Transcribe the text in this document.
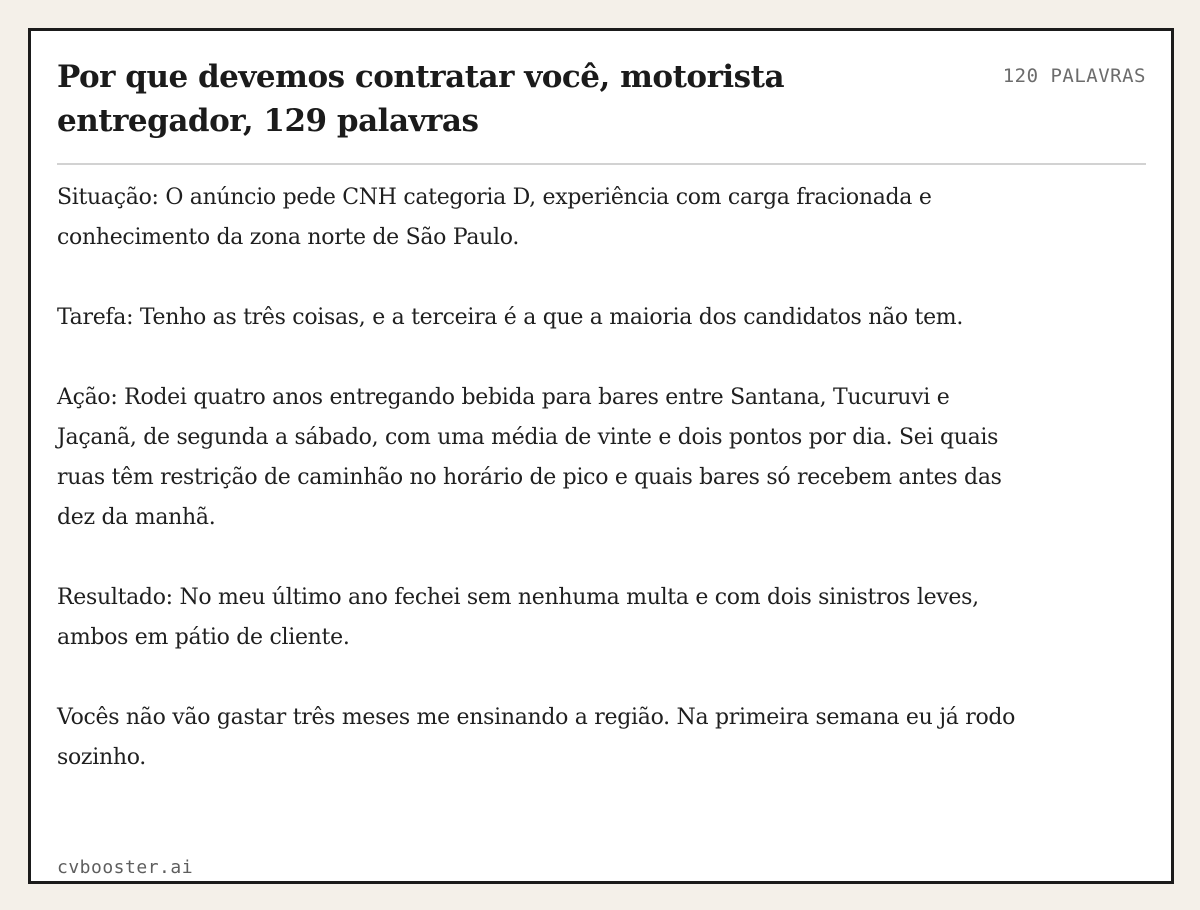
Por que devemos contratar você, motorista entregador, 129 palavras
120 PALAVRAS

Situação: O anúncio pede CNH categoria D, experiência com carga fracionada e conhecimento da zona norte de São Paulo.

Tarefa: Tenho as três coisas, e a terceira é a que a maioria dos candidatos não tem.

Ação: Rodei quatro anos entregando bebida para bares entre Santana, Tucuruvi e Jaçanã, de segunda a sábado, com uma média de vinte e dois pontos por dia. Sei quais ruas têm restrição de caminhão no horário de pico e quais bares só recebem antes das dez da manhã.

Resultado: No meu último ano fechei sem nenhuma multa e com dois sinistros leves, ambos em pátio de cliente.

Vocês não vão gastar três meses me ensinando a região. Na primeira semana eu já rodo sozinho.

cvbooster.ai
